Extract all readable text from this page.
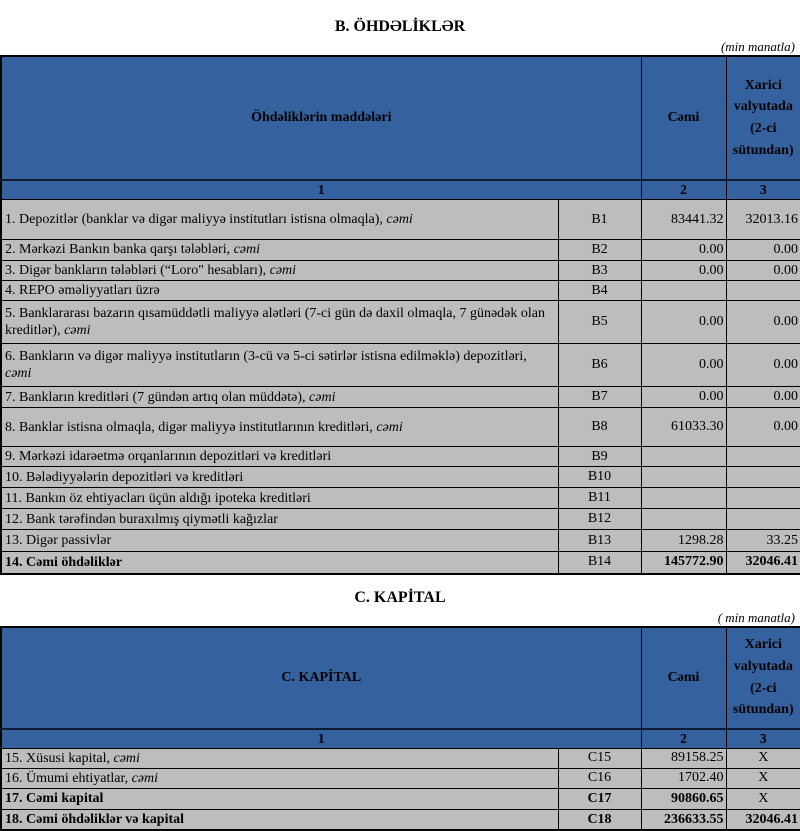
B. ÖHDƏLİKLƏR
(min manatla)
Öhdəliklərin maddələri		Cəmi	Xarici valyutada (2-ci sütundan)
1		2	3
1. Depozitlər (banklar və digər maliyyə institutları istisna olmaqla), cəmi	B1	83441.32	32013.16
2. Mərkəzi Bankın banka qarşı tələbləri, cəmi	B2	0.00	0.00
3. Digər bankların tələbləri (“Loro" hesabları), cəmi	B3	0.00	0.00
4. REPO əməliyyatları üzrə	B4		
5. Banklararası bazarın qısamüddətli maliyyə alətləri (7-ci gün də daxil olmaqla, 7 günədək olan kreditlər), cəmi	B5	0.00	0.00
6. Bankların və digər maliyyə institutların (3-cü və 5-ci sətirlər istisna edilməklə) depozitləri, cəmi	B6	0.00	0.00
7. Bankların kreditləri (7 gündən artıq olan müddətə), cəmi	B7	0.00	0.00
8. Banklar istisna olmaqla, digər maliyyə institutlarının kreditləri, cəmi	B8	61033.30	0.00
9. Mərkəzi idarəetmə orqanlarının depozitləri və kreditləri	B9		
10. Bələdiyyələrin depozitləri və kreditləri	B10		
11. Bankın öz ehtiyacları üçün aldığı ipoteka kreditləri	B11		
12. Bank tərəfindən buraxılmış qiymətli kağızlar	B12		
13. Digər passivlər	B13	1298.28	33.25
14. Cəmi öhdəliklər	B14	145772.90	32046.41
C. KAPİTAL
( min manatla)
C. KAPİTAL		Cəmi	Xarici valyutada (2-ci sütundan)
1		2	3
15. Xüsusi kapital, cəmi	C15	89158.25	X
16. Ümumi ehtiyatlar, cəmi	C16	1702.40	X
17. Cəmi kapital	C17	90860.65	X
18. Cəmi öhdəliklər və kapital	C18	236633.55	32046.41
